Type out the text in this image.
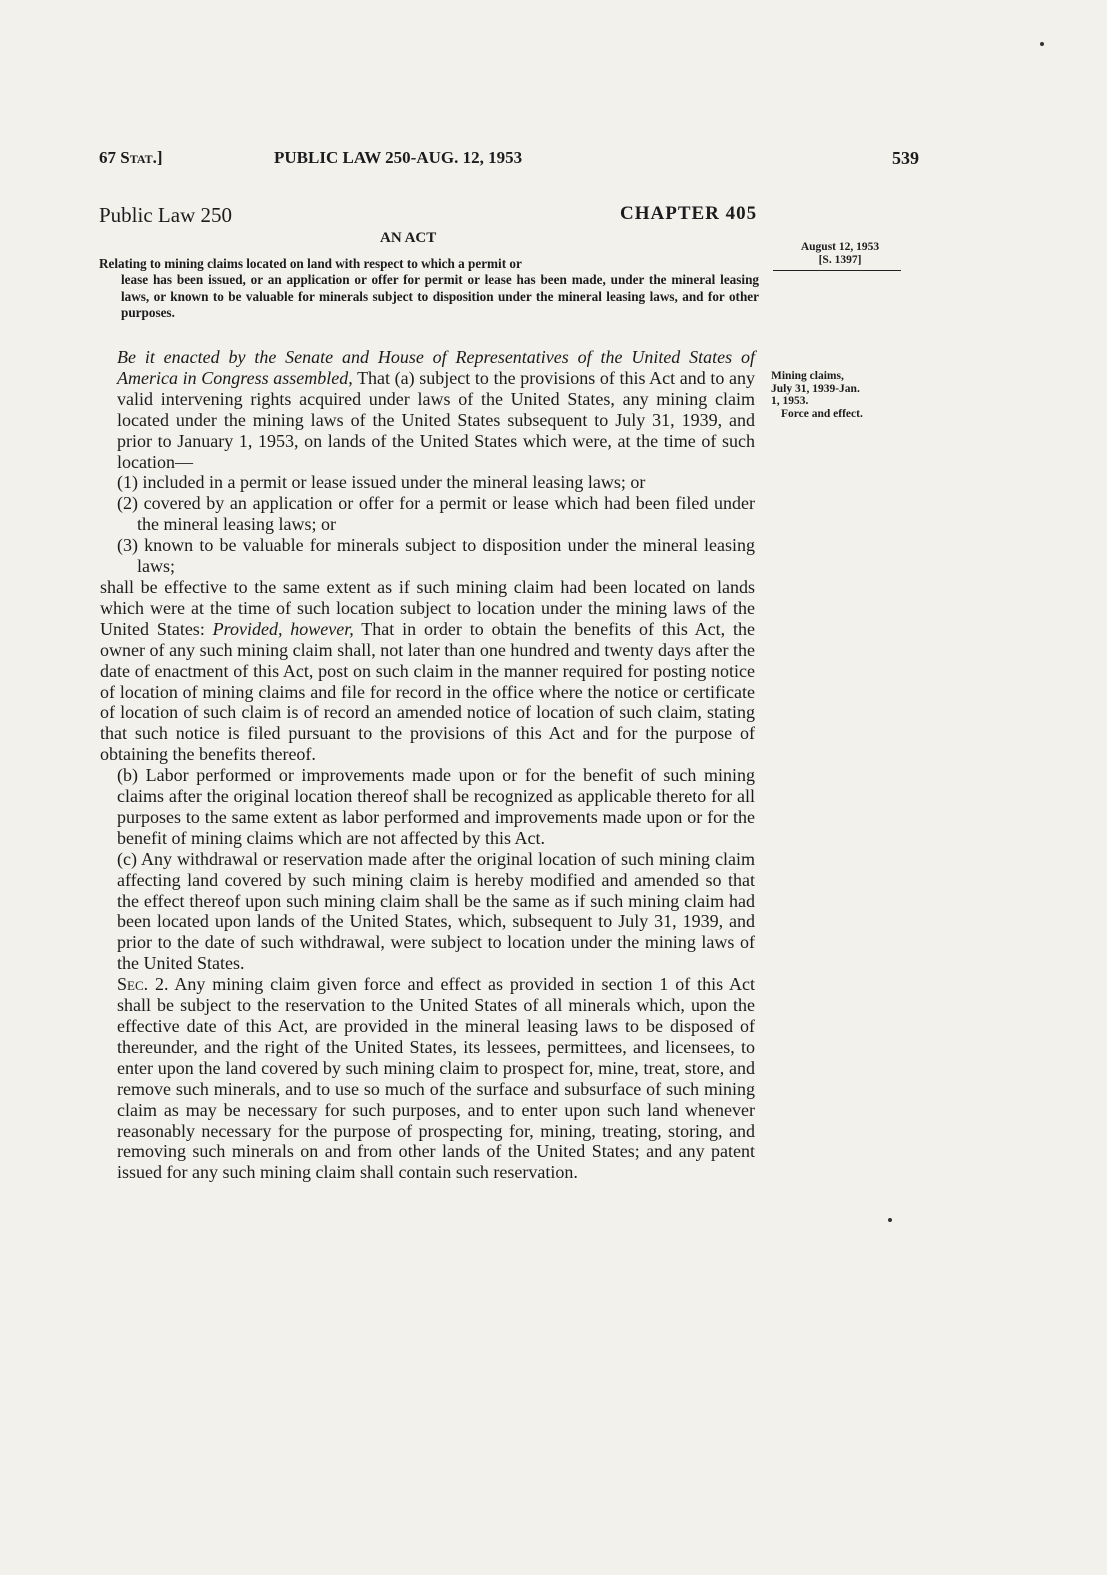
67 Stat.]	PUBLIC LAW 250-AUG. 12, 1953	539
Public Law 250	CHAPTER 405
AN ACT
Relating to mining claims located on land with respect to which a permit or
lease has been issued, or an application or offer for permit or lease has been made, under the mineral leasing laws, or known to be valuable for minerals subject to disposition under the mineral leasing laws, and for other purposes.
August 12, 1953
[S. 1397]
Mining claims,
July 31, 1939-Jan.
1, 1953.
Force and effect.

Be it enacted by the Senate and House of Representatives of the United States of America in Congress assembled, That (a) subject to the provisions of this Act and to any valid intervening rights acquired under laws of the United States, any mining claim located under the mining laws of the United States subsequent to July 31, 1939, and prior to January 1, 1953, on lands of the United States which were, at the time of such location—

(1) included in a permit or lease issued under the mineral leasing laws; or

(2) covered by an application or offer for a permit or lease which had been filed under the mineral leasing laws; or

(3) known to be valuable for minerals subject to disposition under the mineral leasing laws;

shall be effective to the same extent as if such mining claim had been located on lands which were at the time of such location subject to location under the mining laws of the United States: Provided, however, That in order to obtain the benefits of this Act, the owner of any such mining claim shall, not later than one hundred and twenty days after the date of enactment of this Act, post on such claim in the manner required for posting notice of location of mining claims and file for record in the office where the notice or certificate of location of such claim is of record an amended notice of location of such claim, stating that such notice is filed pursuant to the provisions of this Act and for the purpose of obtaining the benefits thereof.

(b) Labor performed or improvements made upon or for the benefit of such mining claims after the original location thereof shall be recognized as applicable thereto for all purposes to the same extent as labor performed and improvements made upon or for the benefit of mining claims which are not affected by this Act.

(c) Any withdrawal or reservation made after the original location of such mining claim affecting land covered by such mining claim is hereby modified and amended so that the effect thereof upon such mining claim shall be the same as if such mining claim had been located upon lands of the United States, which, subsequent to July 31, 1939, and prior to the date of such withdrawal, were subject to location under the mining laws of the United States.

Sec. 2. Any mining claim given force and effect as provided in section 1 of this Act shall be subject to the reservation to the United States of all minerals which, upon the effective date of this Act, are provided in the mineral leasing laws to be disposed of thereunder, and the right of the United States, its lessees, permittees, and licensees, to enter upon the land covered by such mining claim to prospect for, mine, treat, store, and remove such minerals, and to use so much of the surface and subsurface of such mining claim as may be necessary for such purposes, and to enter upon such land whenever reasonably necessary for the purpose of prospecting for, mining, treating, storing, and removing such minerals on and from other lands of the United States; and any patent issued for any such mining claim shall contain such reservation.
